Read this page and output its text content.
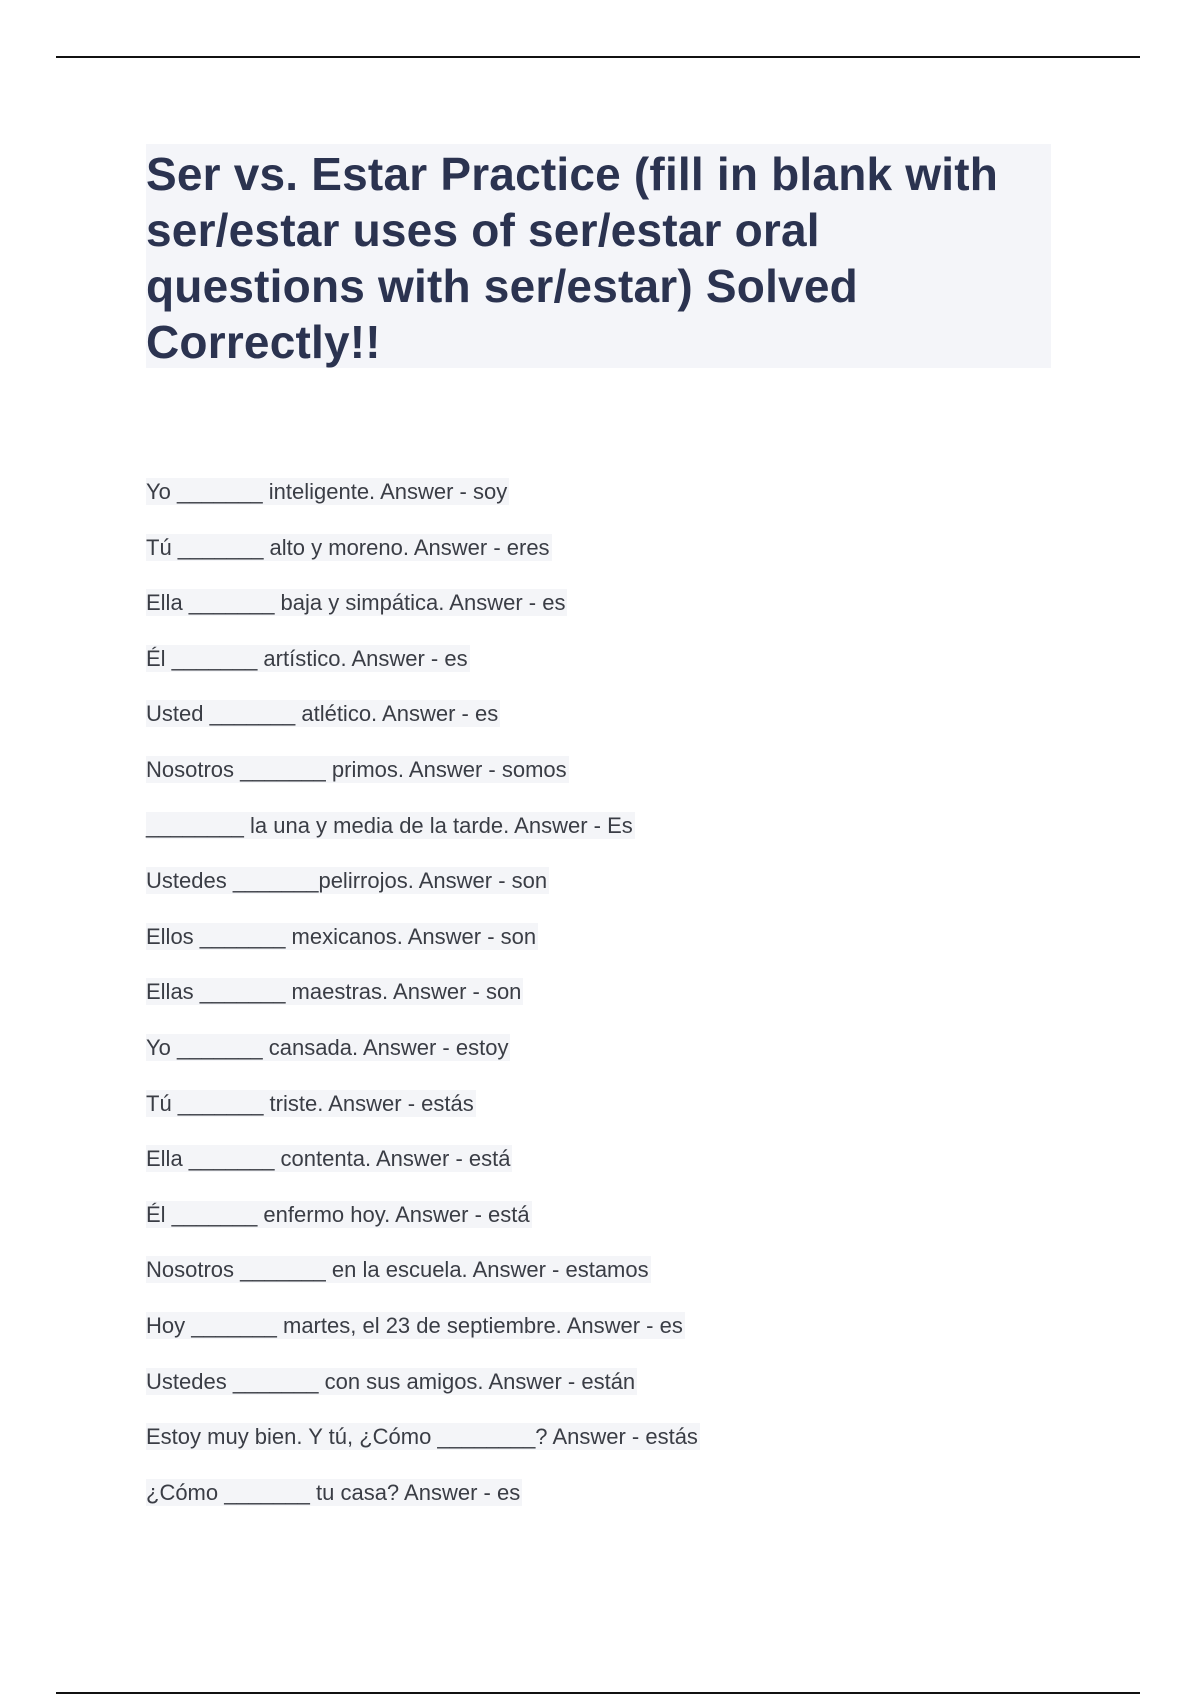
Ser vs. Estar Practice (fill in blank with ser/estar uses of ser/estar oral questions with ser/estar) Solved Correctly!!
Yo _______ inteligente. Answer - soy
Tú _______ alto y moreno. Answer - eres
Ella _______ baja y simpática. Answer - es
Él _______ artístico. Answer - es
Usted _______ atlético. Answer - es
Nosotros _______ primos. Answer - somos
________ la una y media de la tarde. Answer - Es
Ustedes _______pelirrojos. Answer - son
Ellos _______ mexicanos. Answer - son
Ellas _______ maestras. Answer - son
Yo _______ cansada. Answer - estoy
Tú _______ triste. Answer - estás
Ella _______ contenta. Answer - está
Él _______ enfermo hoy. Answer - está
Nosotros _______ en la escuela. Answer - estamos
Hoy _______ martes, el 23 de septiembre. Answer - es
Ustedes _______ con sus amigos. Answer - están
Estoy muy bien. Y tú, ¿Cómo ________? Answer - estás
¿Cómo _______ tu casa? Answer - es
